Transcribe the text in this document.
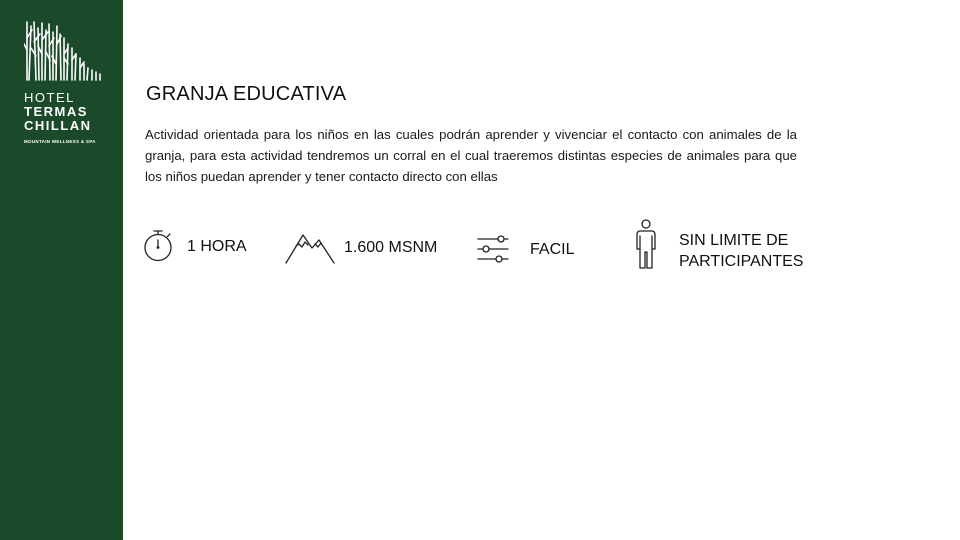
HOTEL
TERMAS
CHILLAN
MOUNTAIN WELLNESS & SPA
GRANJA EDUCATIVA
Actividad orientada para los niños en las cuales podrán aprender y vivenciar el contacto con animales de la granja, para esta actividad tendremos un corral en el cual traeremos distintas especies de animales para que los niños puedan aprender y tener contacto directo con ellas
1 HORA	1.600 MSNM	FACIL	SIN LIMITE DE
PARTICIPANTES
